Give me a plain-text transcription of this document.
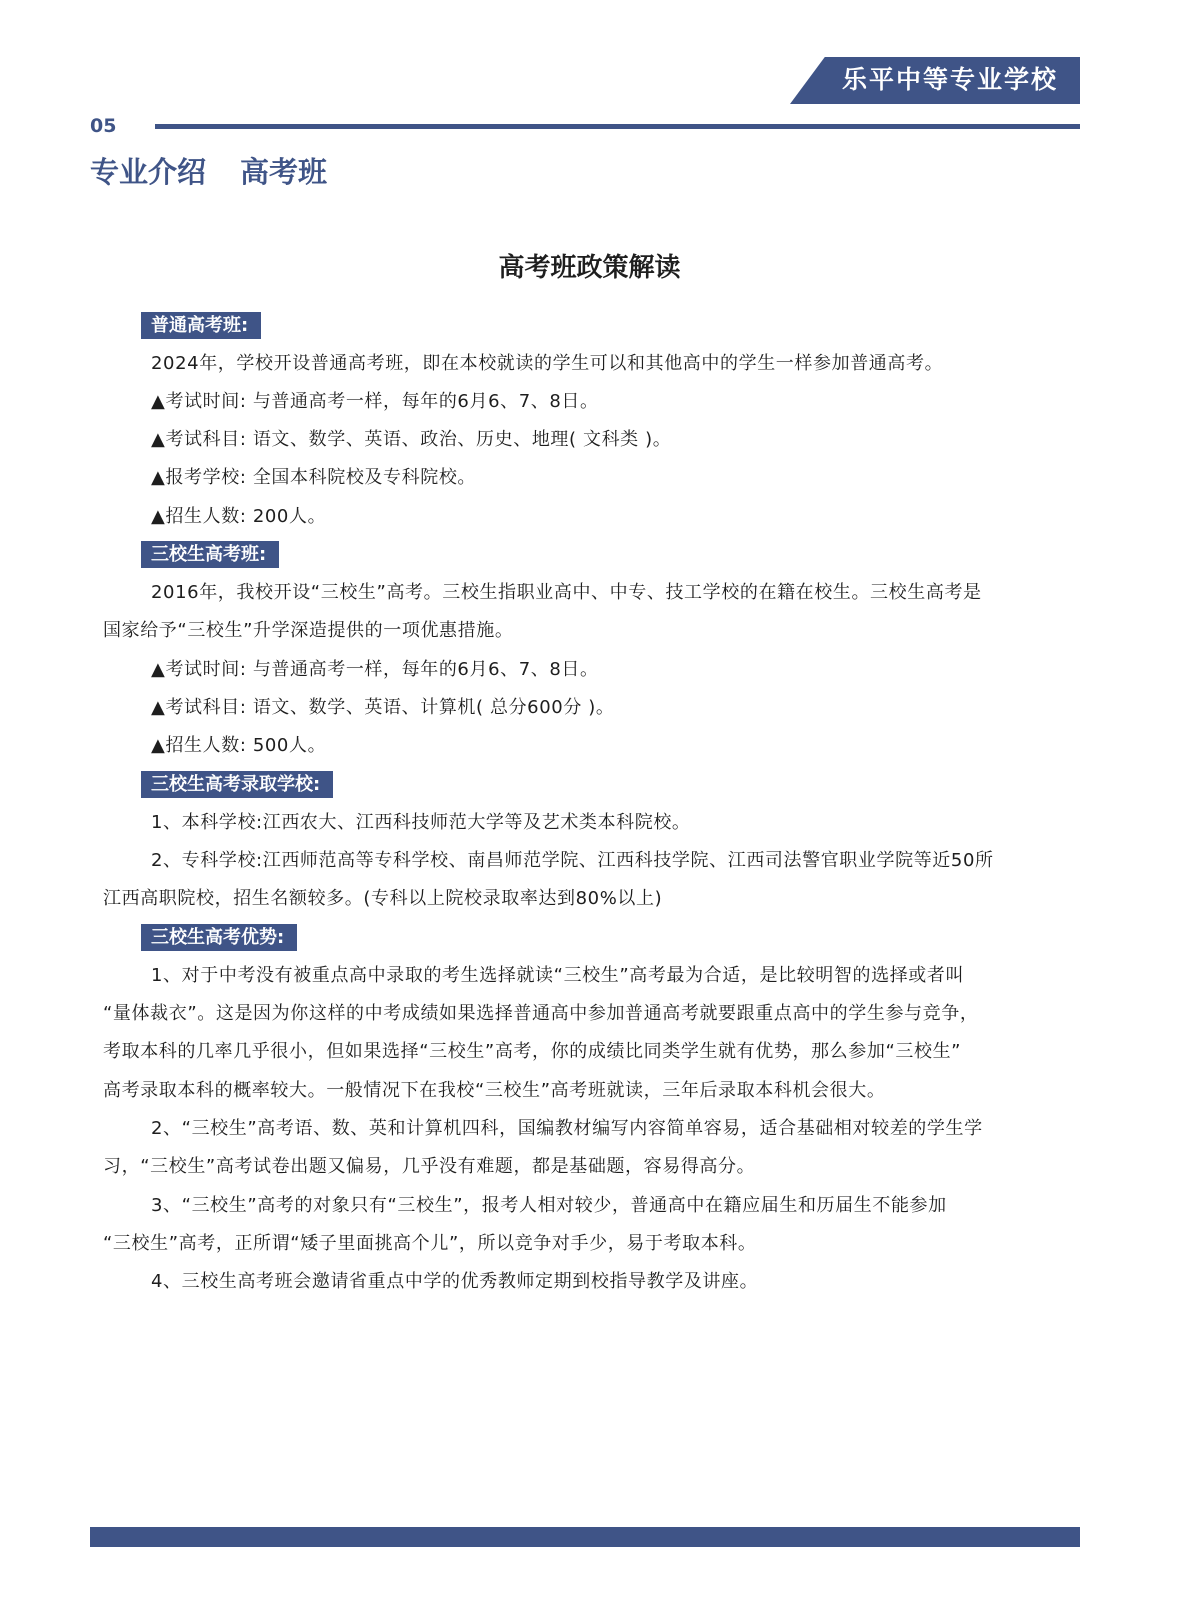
乐平中等专业学校
05
专业介绍 高考班
高考班政策解读
普通高考班:
2024年，学校开设普通高考班，即在本校就读的学生可以和其他高中的学生一样参加普通高考。
▲考试时间: 与普通高考一样，每年的6月6、7、8日。
▲考试科目: 语文、数学、英语、政治、历史、地理( 文科类 )。
▲报考学校: 全国本科院校及专科院校。
▲招生人数: 200人。
三校生高考班:
2016年，我校开设“三校生”高考。三校生指职业高中、中专、技工学校的在籍在校生。三校生高考是
国家给予“三校生”升学深造提供的一项优惠措施。
▲考试时间: 与普通高考一样，每年的6月6、7、8日。
▲考试科目: 语文、数学、英语、计算机( 总分600分 )。
▲招生人数: 500人。
三校生高考录取学校:
1、本科学校:江西农大、江西科技师范大学等及艺术类本科院校。
2、专科学校:江西师范高等专科学校、南昌师范学院、江西科技学院、江西司法警官职业学院等近50所
江西高职院校，招生名额较多。(专科以上院校录取率达到80%以上)
三校生高考优势:
1、对于中考没有被重点高中录取的考生选择就读“三校生”高考最为合适，是比较明智的选择或者叫
“量体裁衣”。这是因为你这样的中考成绩如果选择普通高中参加普通高考就要跟重点高中的学生参与竞争，
考取本科的几率几乎很小，但如果选择“三校生”高考，你的成绩比同类学生就有优势，那么参加“三校生”
高考录取本科的概率较大。一般情况下在我校“三校生”高考班就读，三年后录取本科机会很大。
2、“三校生”高考语、数、英和计算机四科，国编教材编写内容简单容易，适合基础相对较差的学生学
习，“三校生”高考试卷出题又偏易，几乎没有难题，都是基础题，容易得高分。
3、“三校生”高考的对象只有“三校生”，报考人相对较少，普通高中在籍应届生和历届生不能参加
“三校生”高考，正所谓“矮子里面挑高个儿”，所以竞争对手少，易于考取本科。
4、三校生高考班会邀请省重点中学的优秀教师定期到校指导教学及讲座。
